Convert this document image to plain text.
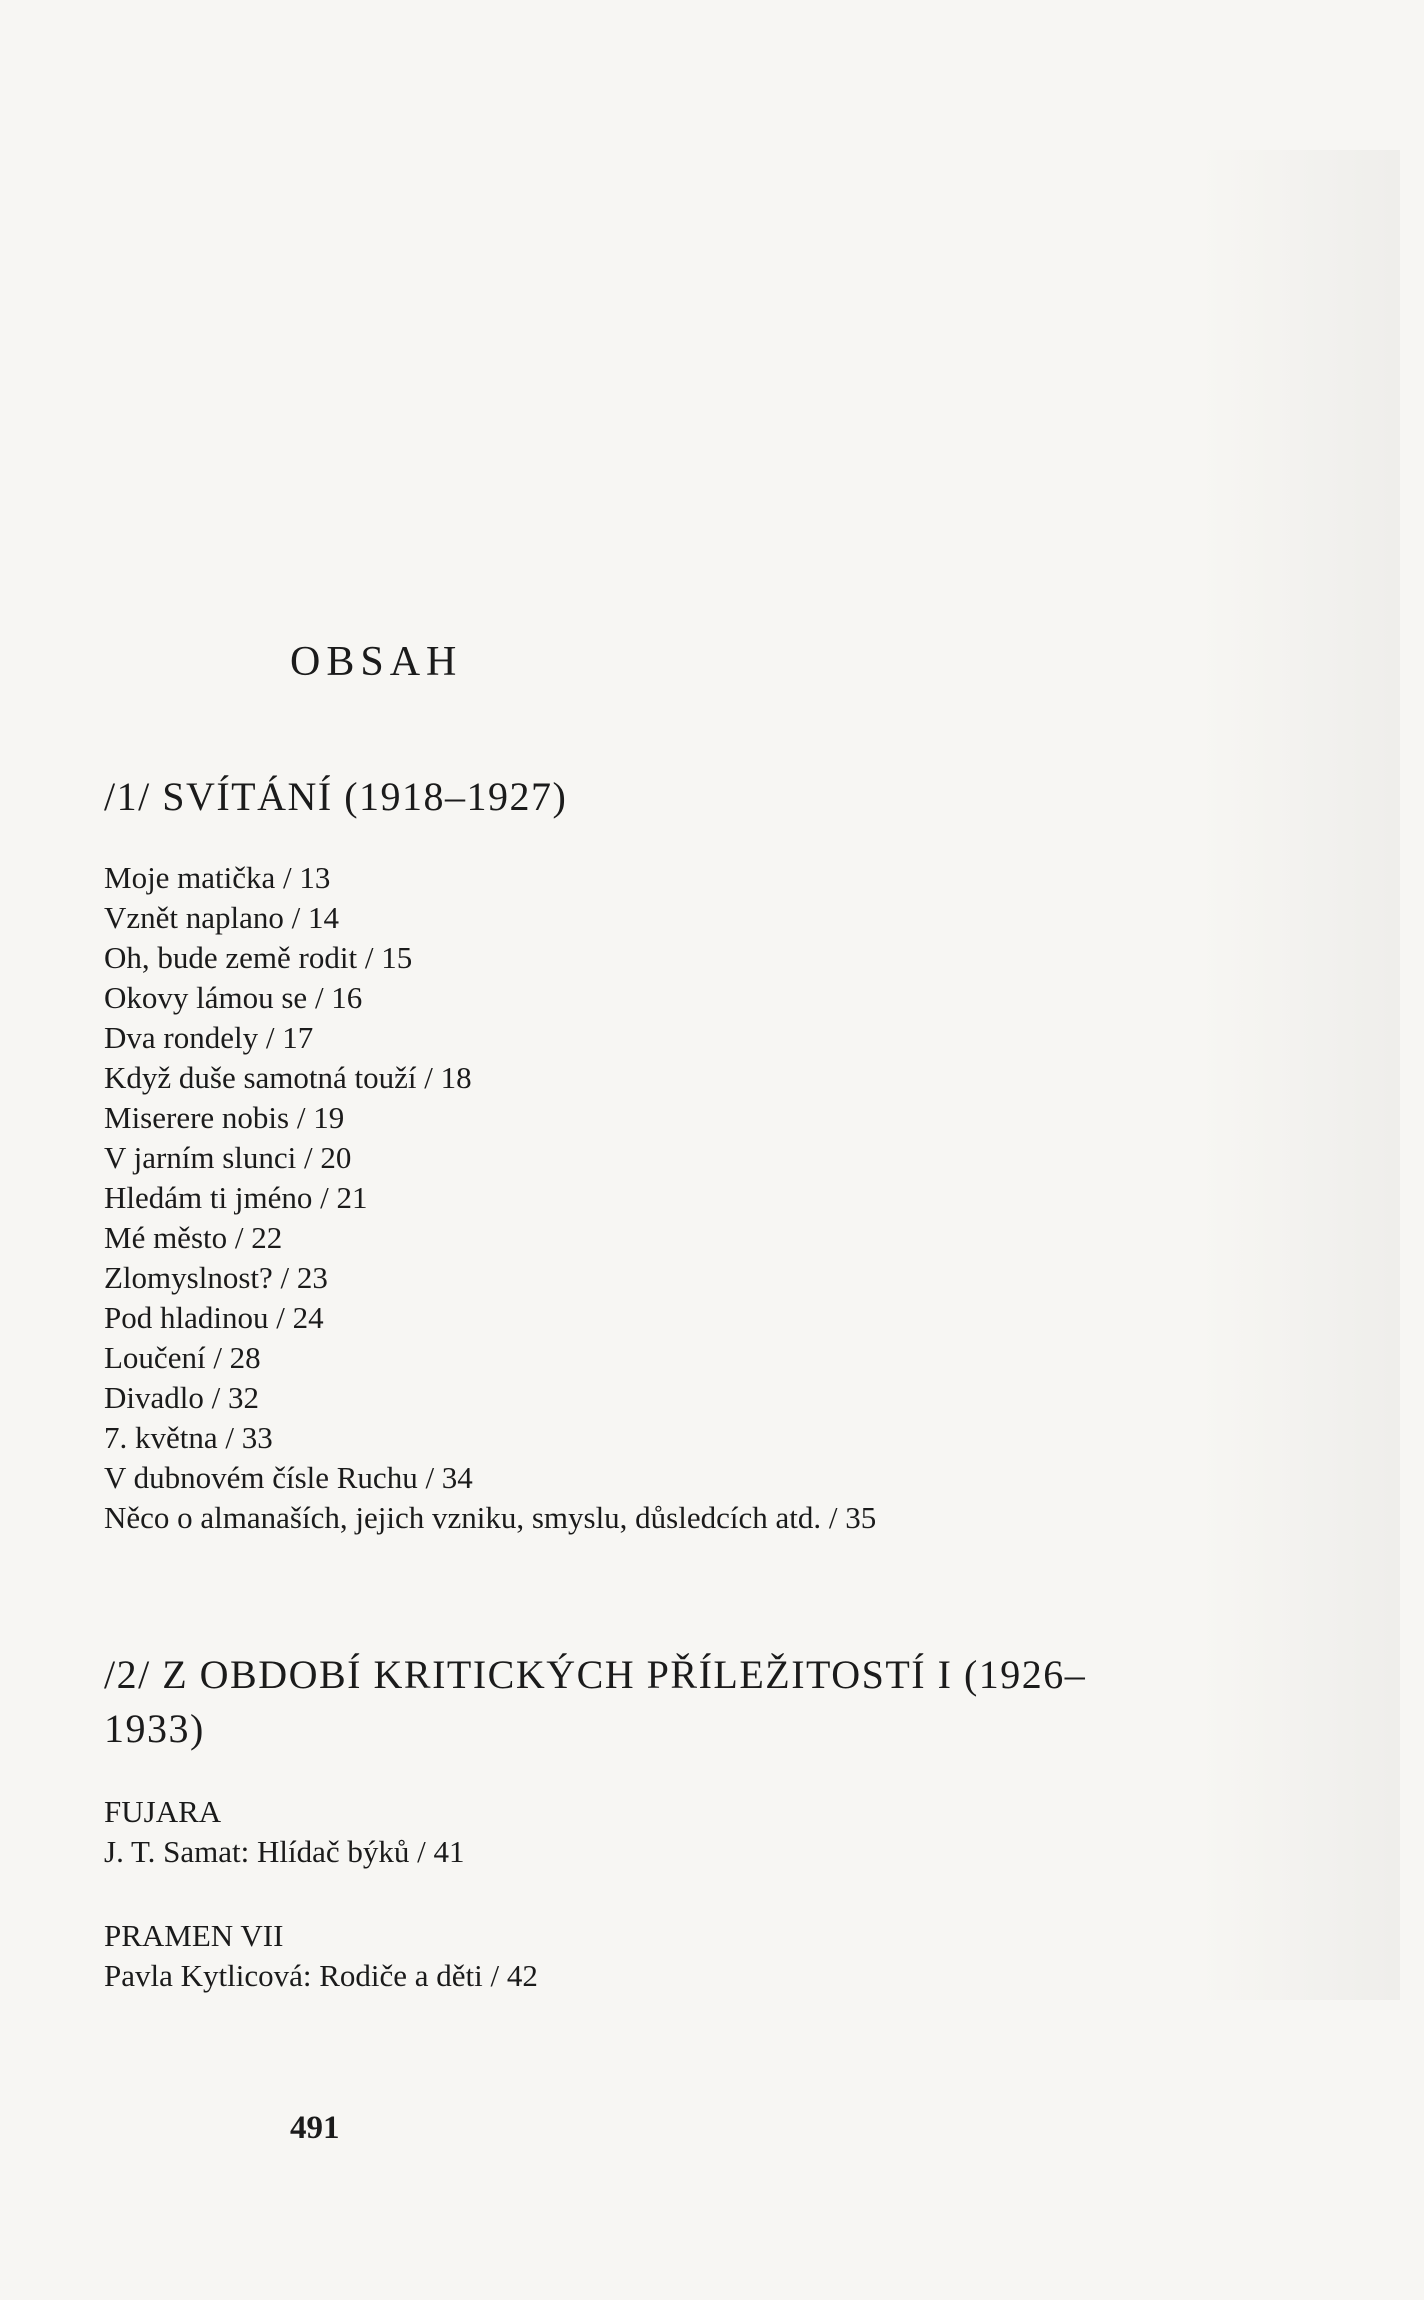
OBSAH
/1/ SVÍTÁNÍ (1918–1927)
Moje matička / 13
Vznět naplano / 14
Oh, bude země rodit / 15
Okovy lámou se / 16
Dva rondely / 17
Když duše samotná touží / 18
Miserere nobis / 19
V jarním slunci / 20
Hledám ti jméno / 21
Mé město / 22
Zlomyslnost? / 23
Pod hladinou / 24
Loučení / 28
Divadlo / 32
7. května / 33
V dubnovém čísle Ruchu / 34
Něco o almanaších, jejich vzniku, smyslu, důsledcích atd. / 35
/2/ Z OBDOBÍ KRITICKÝCH PŘÍLEŽITOSTÍ I (1926–1933)

FUJARA

J. T. Samat: Hlídač býků / 41

PRAMEN VII

Pavla Kytlicová: Rodiče a děti / 42

491
